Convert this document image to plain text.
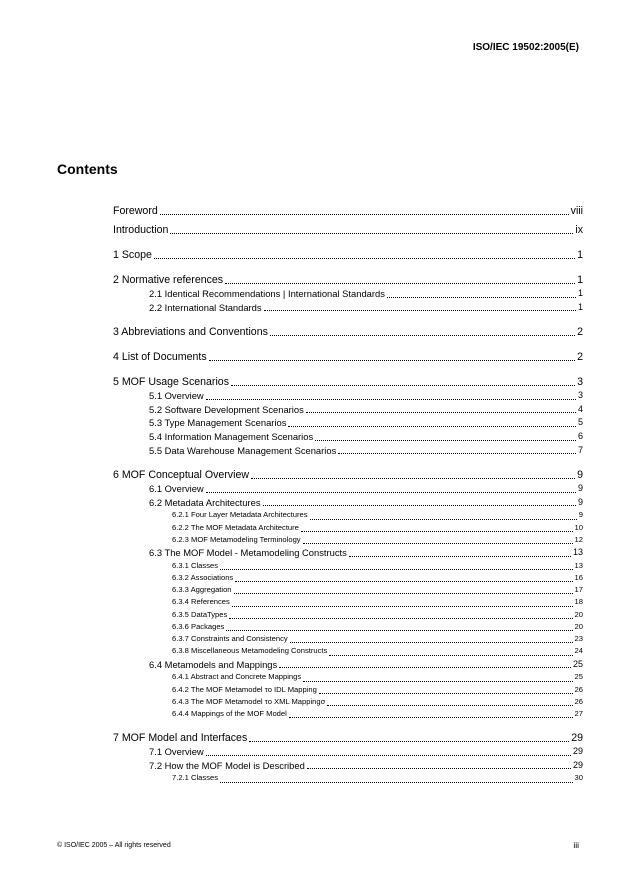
ISO/IEC 19502:2005(E)
Contents
Foreword	viii
Introduction	ix
1 Scope	1
2 Normative references	1
2.1 Identical Recommendations | International Standards	1
2.2 International Standards	1
3 Abbreviations and Conventions	2
4 List of Documents	2
5 MOF Usage Scenarios	3
5.1 Overview	3
5.2 Software Development Scenarios	4
5.3 Type Management Scenarios	5
5.4 Information Management Scenarios	6
5.5 Data Warehouse Management Scenarios	7
6 MOF Conceptual Overview	9
6.1 Overview	9
6.2 Metadata Architectures	9
6.2.1 Four Layer Metadata Architectures	9
6.2.2 The MOF Metadata Architecture	10
6.2.3 MOF Metamodeling Terminology	12
6.3 The MOF Model - Metamodeling Constructs	13
6.3.1 Classes	13
6.3.2 Associations	16
6.3.3 Aggregation	17
6.3.4 References	18
6.3.5 DataTypes	20
6.3.6 Packages	20
6.3.7 Constraints and Consistency	23
6.3.8 Miscellaneous Metamodeling Constructs	24
6.4 Metamodels and Mappings	25
6.4.1 Abstract and Concrete Mappings	25
6.4.2 The MOF Metamodel τo IDL Mapping	26
6.4.3 The MOF Metamodel τo XML Mappingσ	26
6.4.4 Mappings of the MOF Model	27
7 MOF Model and Interfaces	29
7.1 Overview	29
7.2 How the MOF Model is Described	29
7.2.1 Classes	30
© ISO/IEC 2005 – All rights reserved	iii
